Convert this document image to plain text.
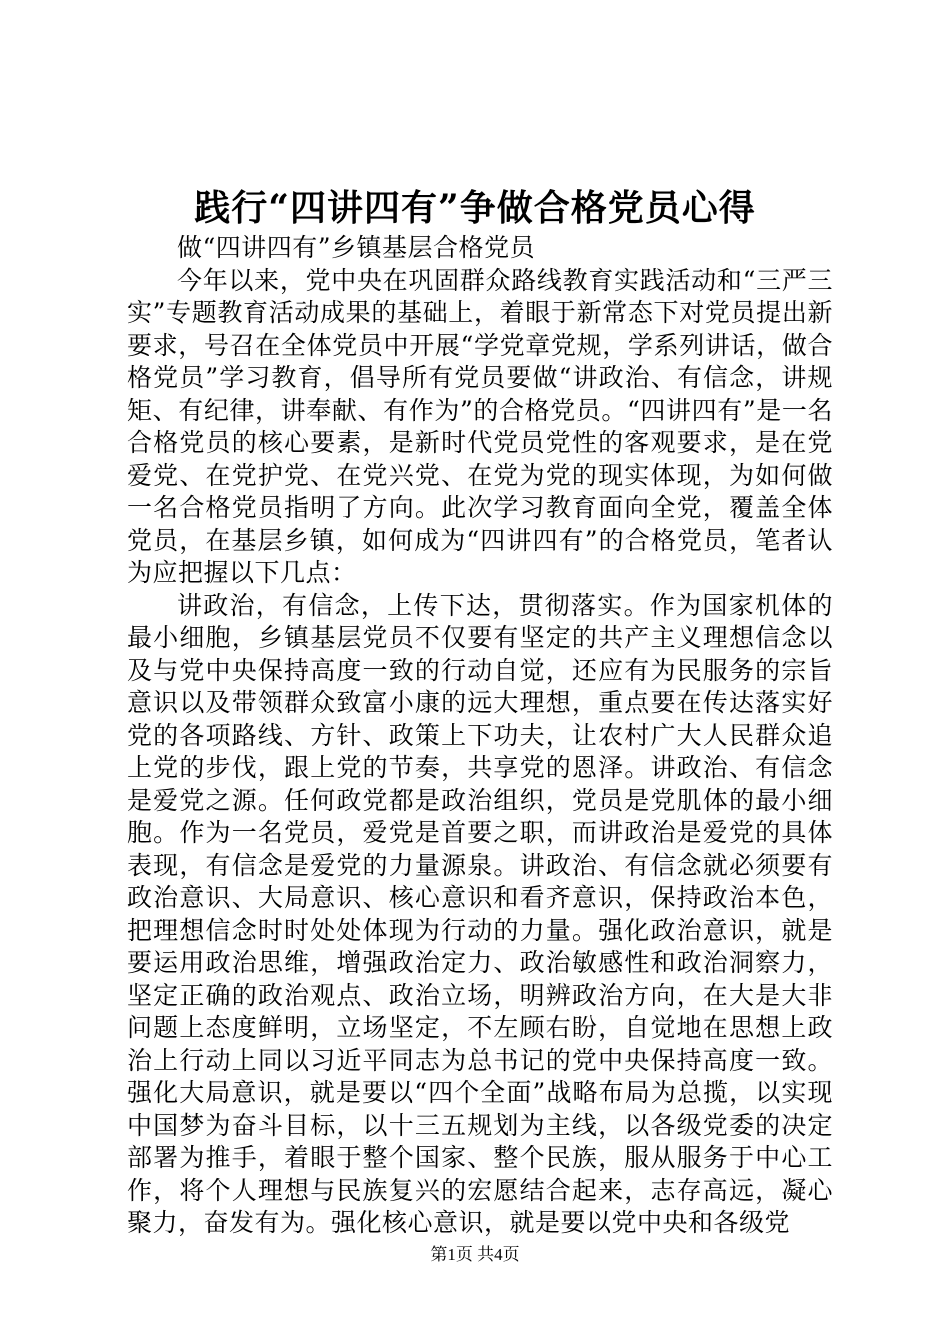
践行“四讲四有”争做合格党员心得

做“四讲四有”乡镇基层合格党员

今年以来，党中央在巩固群众路线教育实践活动和“三严三实”专题教育活动成果的基础上，着眼于新常态下对党员提出新要求，号召在全体党员中开展“学党章党规，学系列讲话，做合格党员”学习教育，倡导所有党员要做“讲政治、有信念，讲规矩、有纪律，讲奉献、有作为”的合格党员。“四讲四有”是一名合格党员的核心要素，是新时代党员党性的客观要求，是在党爱党、在党护党、在党兴党、在党为党的现实体现，为如何做一名合格党员指明了方向。此次学习教育面向全党，覆盖全体党员，在基层乡镇，如何成为“四讲四有”的合格党员，笔者认为应把握以下几点：

讲政治，有信念，上传下达，贯彻落实。作为国家机体的最小细胞，乡镇基层党员不仅要有坚定的共产主义理想信念以及与党中央保持高度一致的行动自觉，还应有为民服务的宗旨意识以及带领群众致富小康的远大理想，重点要在传达落实好党的各项路线、方针、政策上下功夫，让农村广大人民群众追上党的步伐，跟上党的节奏，共享党的恩泽。讲政治、有信念是爱党之源。任何政党都是政治组织，党员是党肌体的最小细胞。作为一名党员，爱党是首要之职，而讲政治是爱党的具体表现，有信念是爱党的力量源泉。讲政治、有信念就必须要有政治意识、大局意识、核心意识和看齐意识，保持政治本色，把理想信念时时处处体现为行动的力量。强化政治意识，就是要运用政治思维，增强政治定力、政治敏感性和政治洞察力，坚定正确的政治观点、政治立场，明辨政治方向，在大是大非问题上态度鲜明，立场坚定，不左顾右盼，自觉地在思想上政治上行动上同以习近平同志为总书记的党中央保持高度一致。强化大局意识，就是要以“四个全面”战略布局为总揽，以实现中国梦为奋斗目标，以十三五规划为主线，以各级党委的决定部署为推手，着眼于整个国家、整个民族，服从服务于中心工作，将个人理想与民族复兴的宏愿结合起来，志存高远，凝心聚力，奋发有为。强化核心意识，就是要以党中央和各级党

第1页 共4页
